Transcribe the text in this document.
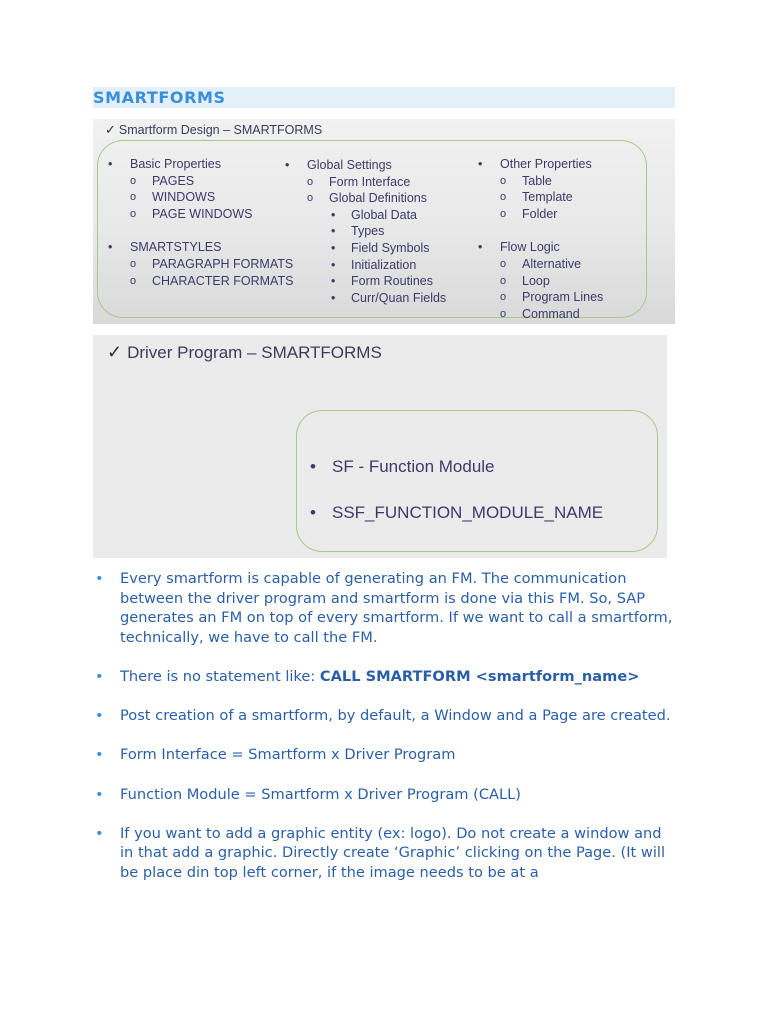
SMARTFORMS
✓ Smartform Design – SMARTFORMS
• Basic Properties
o PAGES
o WINDOWS
o PAGE WINDOWS
• SMARTSTYLES
o PARAGRAPH FORMATS
o CHARACTER FORMATS
• Global Settings
o Form Interface
o Global Definitions
• Global Data
• Types
• Field Symbols
• Initialization
• Form Routines
• Curr/Quan Fields
• Other Properties
o Table
o Template
o Folder
• Flow Logic
o Alternative
o Loop
o Program Lines
o Command
✓ Driver Program – SMARTFORMS
• SF - Function Module
• SSF_FUNCTION_MODULE_NAME
• Every smartform is capable of generating an FM. The communication between the driver program and smartform is done via this FM. So, SAP generates an FM on top of every smartform. If we want to call a smartform, technically, we have to call the FM.
• There is no statement like: CALL SMARTFORM <smartform_name>
• Post creation of a smartform, by default, a Window and a Page are created.
• Form Interface = Smartform x Driver Program
• Function Module = Smartform x Driver Program (CALL)
• If you want to add a graphic entity (ex: logo). Do not create a window and in that add a graphic. Directly create ‘Graphic’ clicking on the Page. (It will be place din top left corner, if the image needs to be at a
